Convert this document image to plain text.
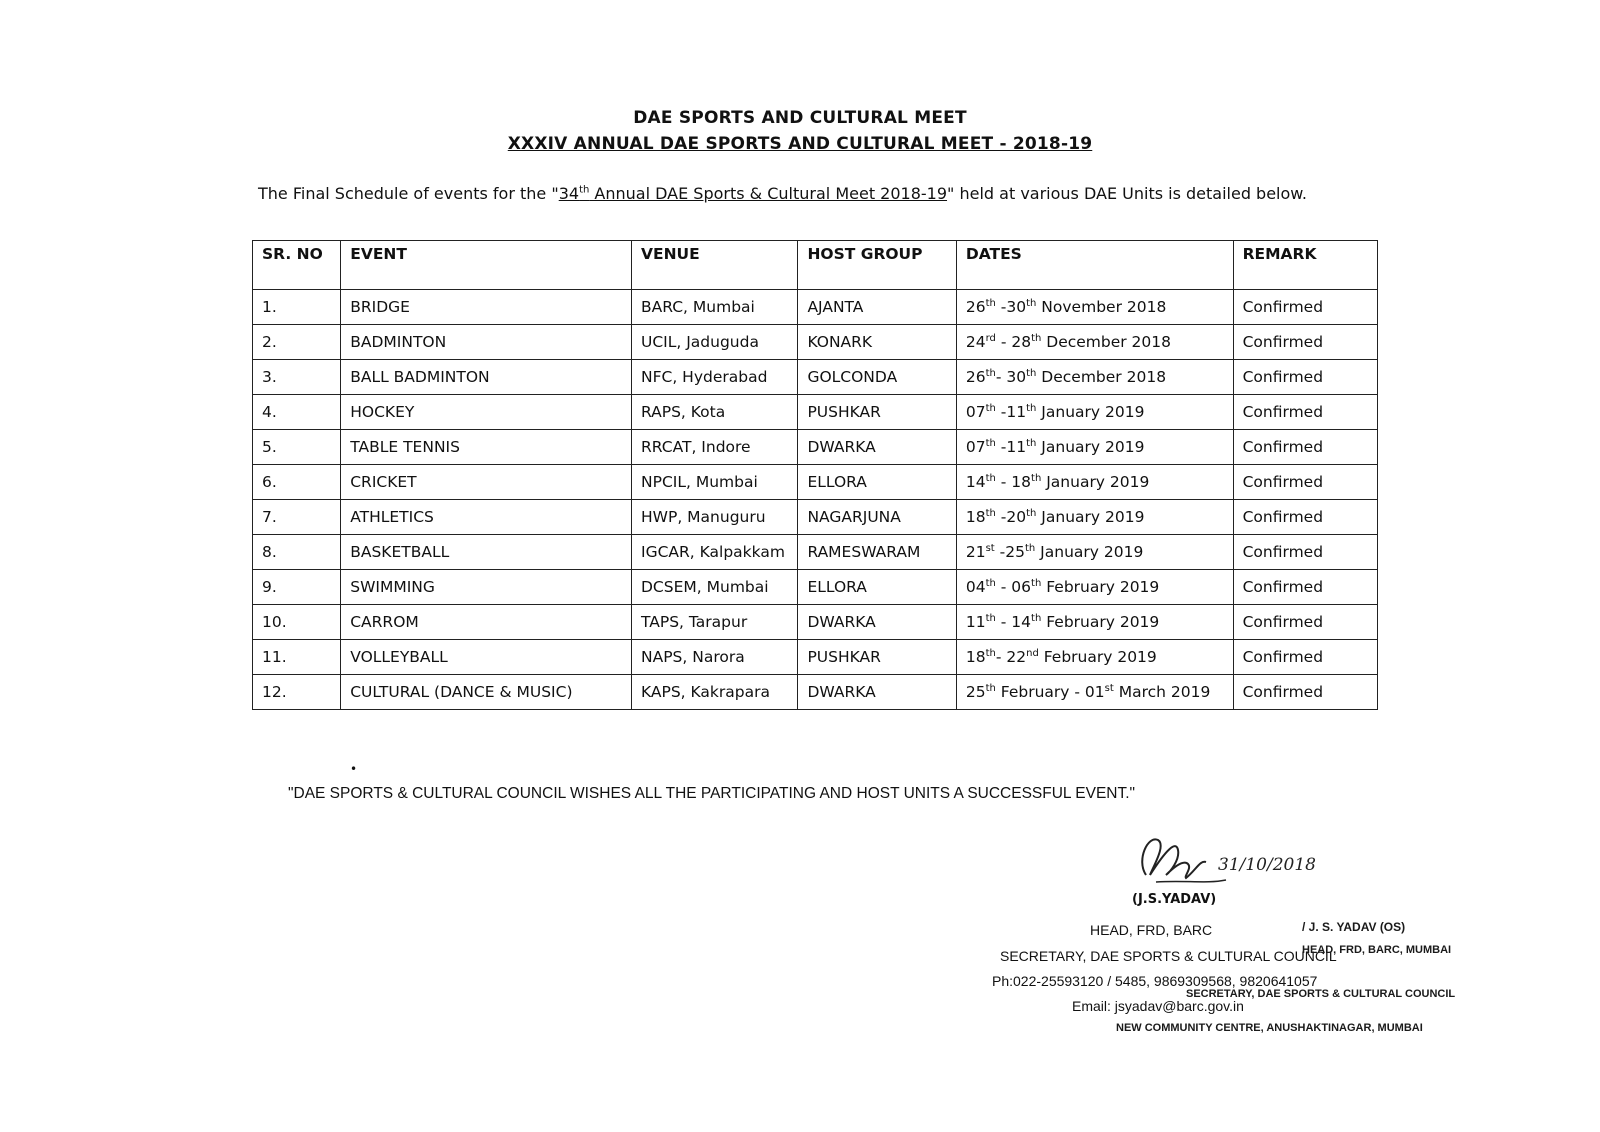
DAE SPORTS AND CULTURAL MEET
XXXIV ANNUAL DAE SPORTS AND CULTURAL MEET - 2018-19
The Final Schedule of events for the "34th Annual DAE Sports & Cultural Meet 2018-19" held at various DAE Units is detailed below.
SR. NO	EVENT	VENUE	HOST GROUP	DATES	REMARK
1.	BRIDGE	BARC, Mumbai	AJANTA	26th -30th November 2018	Confirmed
2.	BADMINTON	UCIL, Jaduguda	KONARK	24rd - 28th December 2018	Confirmed
3.	BALL BADMINTON	NFC, Hyderabad	GOLCONDA	26th- 30th December 2018	Confirmed
4.	HOCKEY	RAPS, Kota	PUSHKAR	07th -11th January 2019	Confirmed
5.	TABLE TENNIS	RRCAT, Indore	DWARKA	07th -11th January 2019	Confirmed
6.	CRICKET	NPCIL, Mumbai	ELLORA	14th - 18th January 2019	Confirmed
7.	ATHLETICS	HWP, Manuguru	NAGARJUNA	18th -20th January 2019	Confirmed
8.	BASKETBALL	IGCAR, Kalpakkam	RAMESWARAM	21st -25th January 2019	Confirmed
9.	SWIMMING	DCSEM, Mumbai	ELLORA	04th - 06th February 2019	Confirmed
10.	CARROM	TAPS, Tarapur	DWARKA	11th - 14th February 2019	Confirmed
11.	VOLLEYBALL	NAPS, Narora	PUSHKAR	18th- 22nd February 2019	Confirmed
12.	CULTURAL (DANCE & MUSIC)	KAPS, Kakrapara	DWARKA	25th February - 01st March 2019	Confirmed
•
"DAE SPORTS & CULTURAL COUNCIL WISHES ALL THE PARTICIPATING AND HOST UNITS A SUCCESSFUL EVENT."
31/10/2018
(J.S.YADAV)
HEAD, FRD, BARC
SECRETARY, DAE SPORTS & CULTURAL COUNCIL
Ph:022-25593120 / 5485, 9869309568, 9820641057
Email: jsyadav@barc.gov.in
/ J. S. YADAV (OS)
HEAD, FRD, BARC, MUMBAI
SECRETARY, DAE SPORTS & CULTURAL COUNCIL
NEW COMMUNITY CENTRE, ANUSHAKTINAGAR, MUMBAI
